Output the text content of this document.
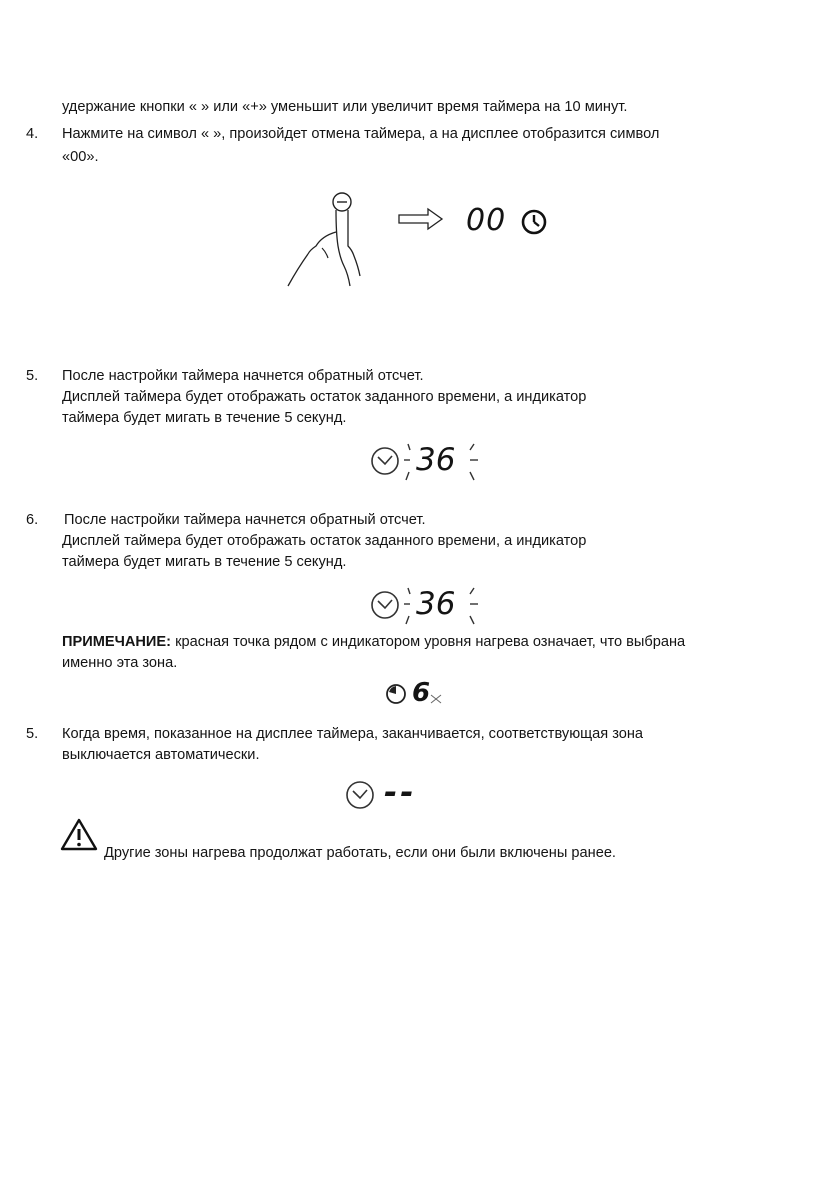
удержание кнопки « » или «+» уменьшит или увеличит время таймера на 10 минут.
4. Нажмите на символ « », произойдет отмена таймера, а на дисплее отобразится символ
«00».
00
5. После настройки таймера начнется обратный отсчет.
Дисплей таймера будет отображать остаток заданного времени, а индикатор
таймера будет мигать в течение 5 секунд.
36
6. После настройки таймера начнется обратный отсчет.
Дисплей таймера будет отображать остаток заданного времени, а индикатор
таймера будет мигать в течение 5 секунд.
36
ПРИМЕЧАНИЕ: красная точка рядом с индикатором уровня нагрева означает, что выбрана
именно эта зона.
6
5. Когда время, показанное на дисплее таймера, заканчивается, соответствующая зона
выключается автоматически.
--
Другие зоны нагрева продолжат работать, если они были включены ранее.
